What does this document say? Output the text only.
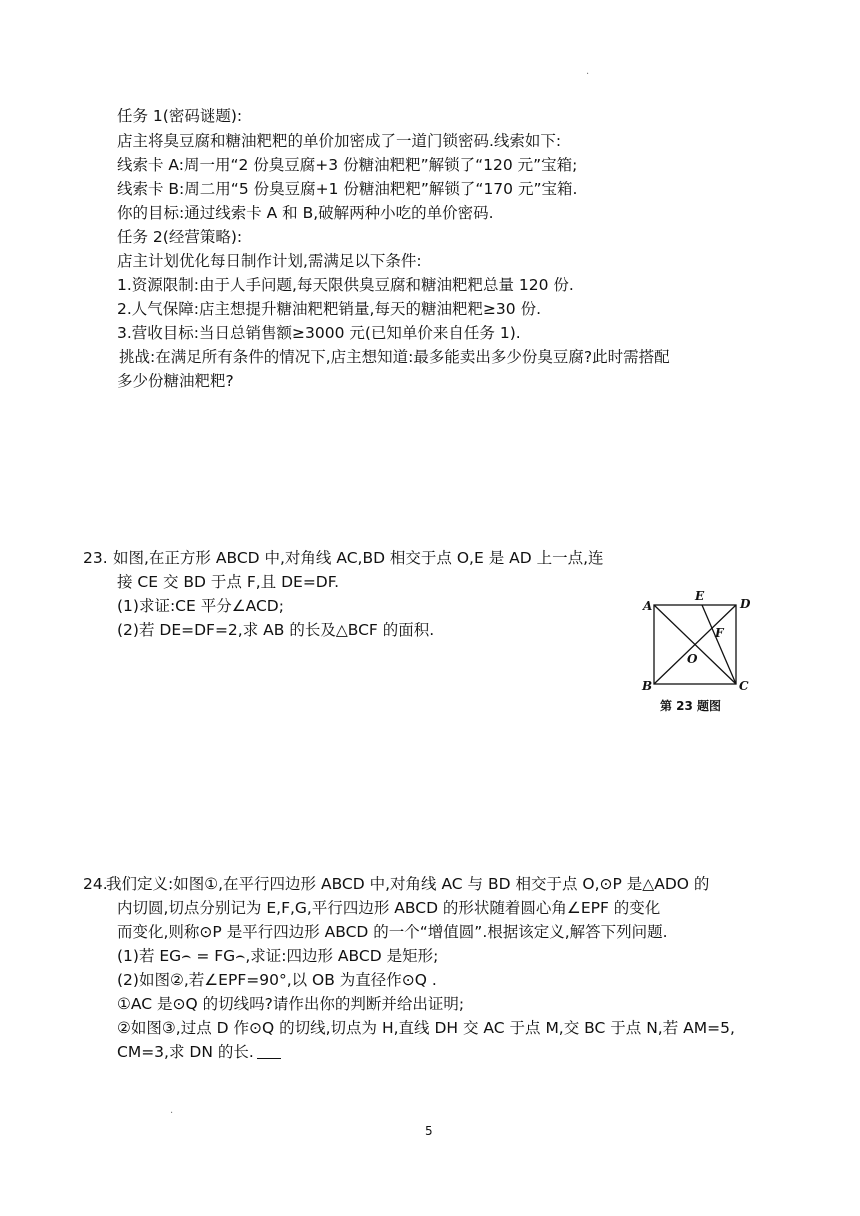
.
.
任务 1(密码谜题):
店主将臭豆腐和糖油粑粑的单价加密成了一道门锁密码.线索如下:
线索卡 A:周一用“2 份臭豆腐+3 份糖油粑粑”解锁了“120 元”宝箱;
线索卡 B:周二用“5 份臭豆腐+1 份糖油粑粑”解锁了“170 元”宝箱.
你的目标:通过线索卡 A 和 B,破解两种小吃的单价密码.
任务 2(经营策略):
店主计划优化每日制作计划,需满足以下条件:
1.资源限制:由于人手问题,每天限供臭豆腐和糖油粑粑总量 120 份.
2.人气保障:店主想提升糖油粑粑销量,每天的糖油粑粑≥30 份.
3.营收目标:当日总销售额≥3000 元(已知单价来自任务 1).
挑战:在满足所有条件的情况下,店主想知道:最多能卖出多少份臭豆腐?此时需搭配
多少份糖油粑粑?
23. 如图,在正方形 ABCD 中,对角线 AC,BD 相交于点 O,E 是 AD 上一点,连
接 CE 交 BD 于点 F,且 DE=DF.
(1)求证:CE 平分∠ACD;
(2)若 DE=DF=2,求 AB 的长及△BCF 的面积.
A
E
D
F
O
B	C
第 23 题图
24.
我们定义:如图①,在平行四边形 ABCD 中,对角线 AC 与 BD 相交于点 O,⊙P 是△ADO 的
内切圆,切点分别记为 E,F,G,平行四边形 ABCD 的形状随着圆心角∠EPF 的变化
而变化,则称⊙P 是平行四边形 ABCD 的一个“增值圆”.根据该定义,解答下列问题.
(1)若 EG⌢ = FG⌢,求证:四边形 ABCD 是矩形;
(2)如图②,若∠EPF=90°,以 OB 为直径作⊙Q .
①AC 是⊙Q 的切线吗?请作出你的判断并给出证明;
②如图③,过点 D 作⊙Q 的切线,切点为 H,直线 DH 交 AC 于点 M,交 BC 于点 N,若 AM=5,
CM=3,求 DN 的长.
5
